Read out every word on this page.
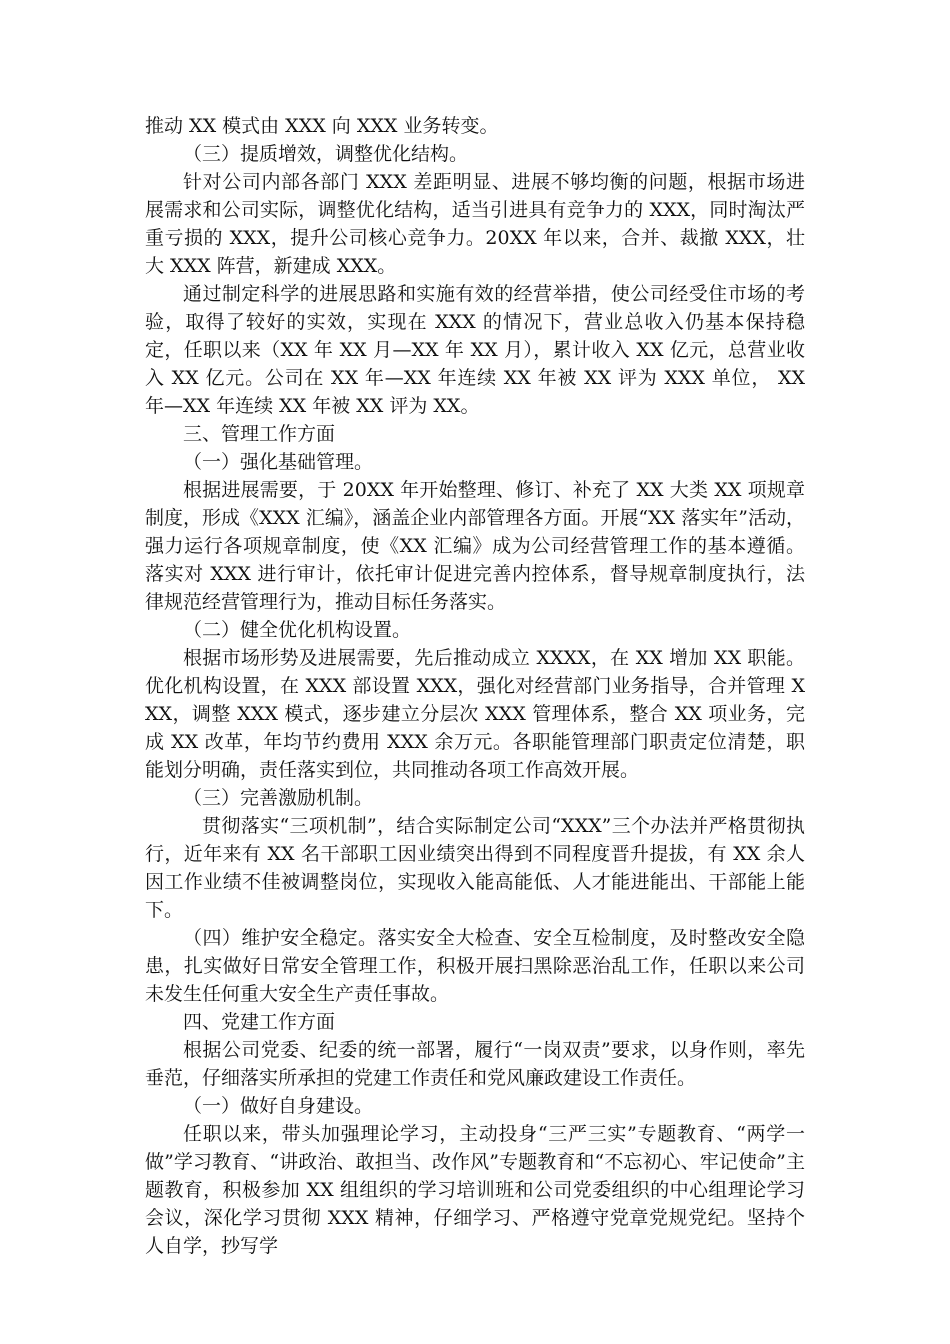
推动 XX 模式由 XXX 向 XXX 业务转变。

（三）提质增效，调整优化结构。

针对公司内部各部门 XXX 差距明显、进展不够均衡的问题，根据市场进展需求和公司实际，调整优化结构，适当引进具有竞争力的 XXX，同时淘汰严重亏损的 XXX，提升公司核心竞争力。20XX 年以来，合并、裁撤 XXX，壮大 XXX 阵营，新建成 XXX。

通过制定科学的进展思路和实施有效的经营举措，使公司经受住市场的考验，取得了较好的实效，实现在 XXX 的情况下，营业总收入仍基本保持稳定，任职以来（XX 年 XX 月—XX 年 XX 月），累计收入 XX 亿元，总营业收入 XX 亿元。公司在 XX 年—XX 年连续 XX 年被 XX 评为 XXX 单位， XX 年—XX 年连续 XX 年被 XX 评为 XX。

三、管理工作方面

（一）强化基础管理。

根据进展需要，于 20XX 年开始整理、修订、补充了 XX 大类 XX 项规章制度，形成《XXX 汇编》，涵盖企业内部管理各方面。开展“XX 落实年”活动，强力运行各项规章制度，使《XX 汇编》成为公司经营管理工作的基本遵循。落实对 XXX 进行审计，依托审计促进完善内控体系，督导规章制度执行，法律规范经营管理行为，推动目标任务落实。

（二）健全优化机构设置。

根据市场形势及进展需要，先后推动成立 XXXX，在 XX 增加 XX 职能。优化机构设置，在 XXX 部设置 XXX，强化对经营部门业务指导，合并管理 XXX，调整 XXX 模式，逐步建立分层次 XXX 管理体系，整合 XX 项业务，完成 XX 改革，年均节约费用 XXX 余万元。各职能管理部门职责定位清楚，职能划分明确，责任落实到位，共同推动各项工作高效开展。

（三）完善激励机制。

贯彻落实“三项机制”，结合实际制定公司“XXX”三个办法并严格贯彻执行，近年来有 XX 名干部职工因业绩突出得到不同程度晋升提拔，有 XX 余人因工作业绩不佳被调整岗位，实现收入能高能低、人才能进能出、干部能上能下。

（四）维护安全稳定。落实安全大检查、安全互检制度，及时整改安全隐患，扎实做好日常安全管理工作，积极开展扫黑除恶治乱工作，任职以来公司未发生任何重大安全生产责任事故。

四、党建工作方面

根据公司党委、纪委的统一部署，履行“一岗双责”要求，以身作则，率先垂范，仔细落实所承担的党建工作责任和党风廉政建设工作责任。

（一）做好自身建设。

任职以来，带头加强理论学习，主动投身“三严三实”专题教育、“两学一做”学习教育、“讲政治、敢担当、改作风”专题教育和“不忘初心、牢记使命”主题教育，积极参加 XX 组组织的学习培训班和公司党委组织的中心组理论学习会议，深化学习贯彻 XXX 精神，仔细学习、严格遵守党章党规党纪。坚持个人自学，抄写学
